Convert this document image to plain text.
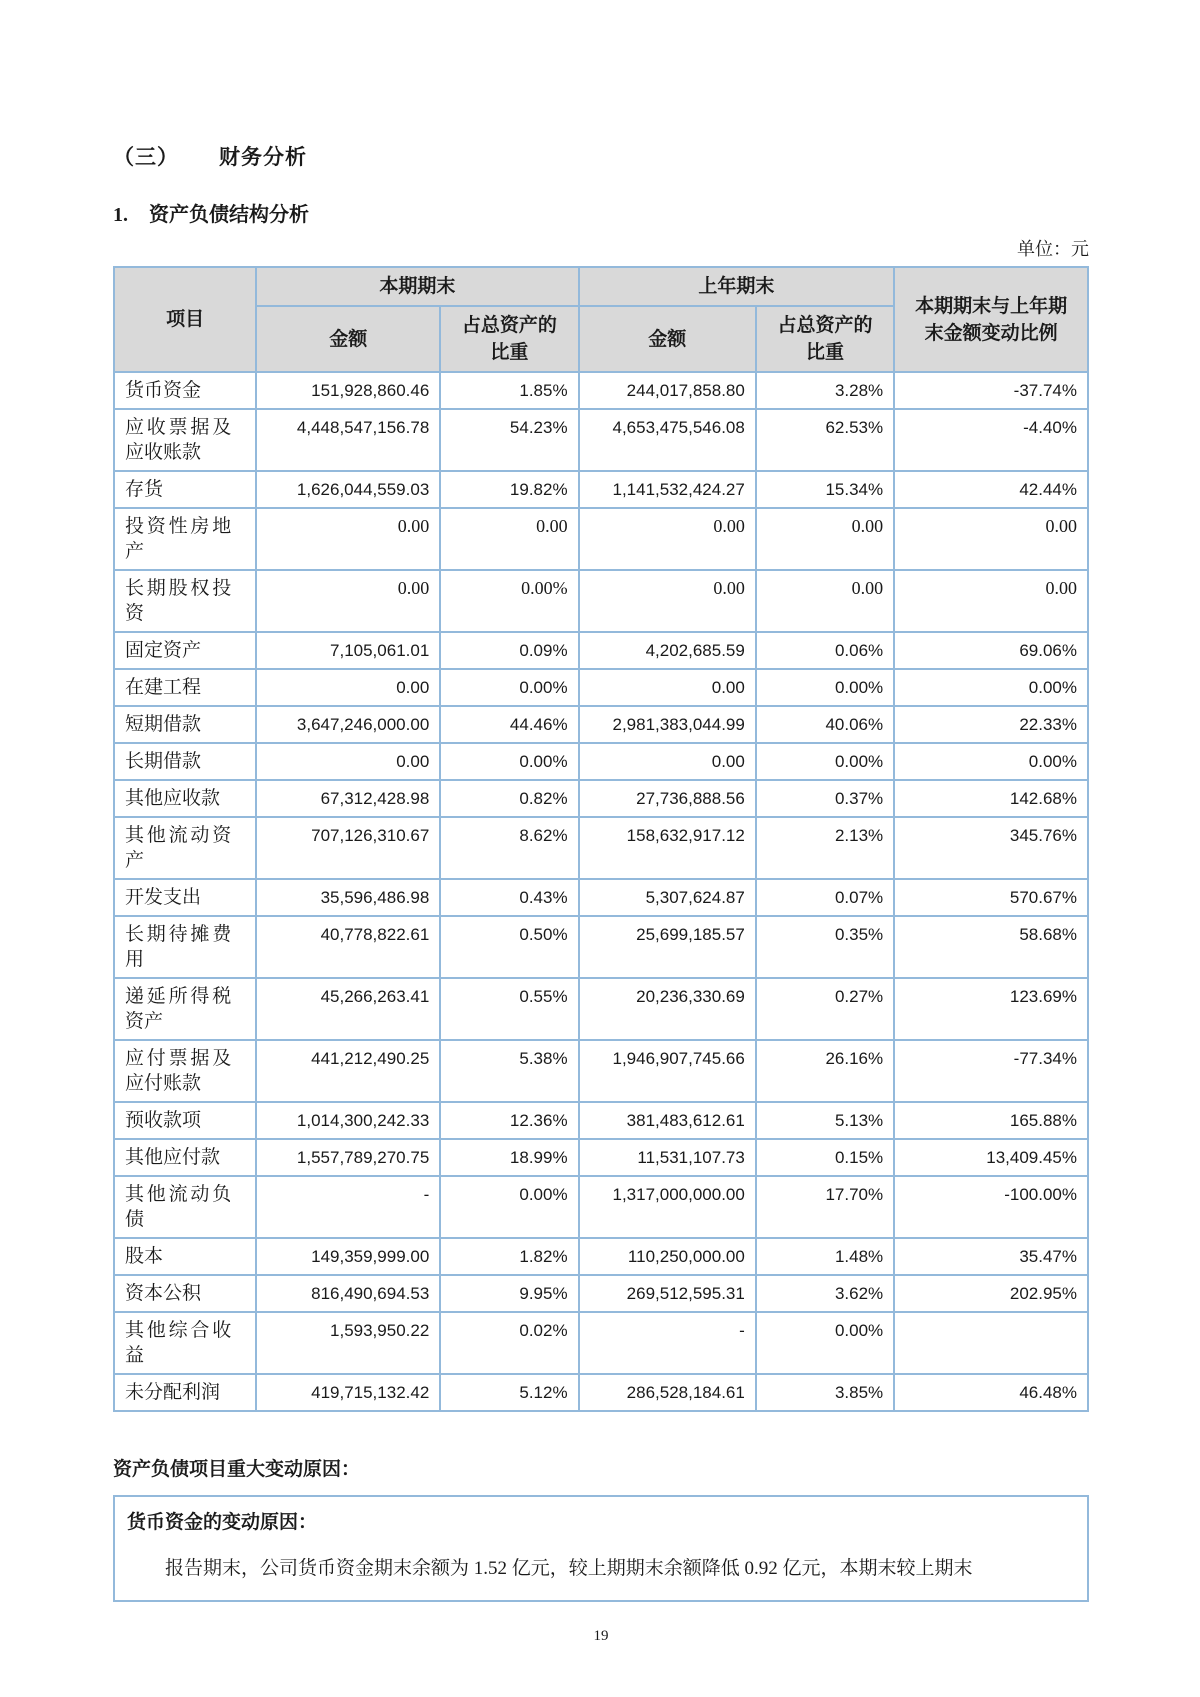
（三） 财务分析
1. 资产负债结构分析
单位：元
项目	本期期末		上年期末		本期期末与上年期末金额变动比例
	金额	占总资产的比重	金额	占总资产的比重	
货币资金	151,928,860.46	1.85%	244,017,858.80	3.28%	-37.74%
应收票据及应收账款	4,448,547,156.78	54.23%	4,653,475,546.08	62.53%	-4.40%
存货	1,626,044,559.03	19.82%	1,141,532,424.27	15.34%	42.44%
投资性房地产	0.00	0.00	0.00	0.00	0.00
长期股权投资	0.00	0.00%	0.00	0.00	0.00
固定资产	7,105,061.01	0.09%	4,202,685.59	0.06%	69.06%
在建工程	0.00	0.00%	0.00	0.00%	0.00%
短期借款	3,647,246,000.00	44.46%	2,981,383,044.99	40.06%	22.33%
长期借款	0.00	0.00%	0.00	0.00%	0.00%
其他应收款	67,312,428.98	0.82%	27,736,888.56	0.37%	142.68%
其他流动资产	707,126,310.67	8.62%	158,632,917.12	2.13%	345.76%
开发支出	35,596,486.98	0.43%	5,307,624.87	0.07%	570.67%
长期待摊费用	40,778,822.61	0.50%	25,699,185.57	0.35%	58.68%
递延所得税资产	45,266,263.41	0.55%	20,236,330.69	0.27%	123.69%
应付票据及应付账款	441,212,490.25	5.38%	1,946,907,745.66	26.16%	-77.34%
预收款项	1,014,300,242.33	12.36%	381,483,612.61	5.13%	165.88%
其他应付款	1,557,789,270.75	18.99%	11,531,107.73	0.15%	13,409.45%
其他流动负债	-	0.00%	1,317,000,000.00	17.70%	-100.00%
股本	149,359,999.00	1.82%	110,250,000.00	1.48%	35.47%
资本公积	816,490,694.53	9.95%	269,512,595.31	3.62%	202.95%
其他综合收益	1,593,950.22	0.02%	-	0.00%	
未分配利润	419,715,132.42	5.12%	286,528,184.61	3.85%	46.48%
资产负债项目重大变动原因：
货币资金的变动原因：
报告期末，公司货币资金期末余额为 1.52 亿元，较上期期末余额降低 0.92 亿元，本期末较上期末
19
